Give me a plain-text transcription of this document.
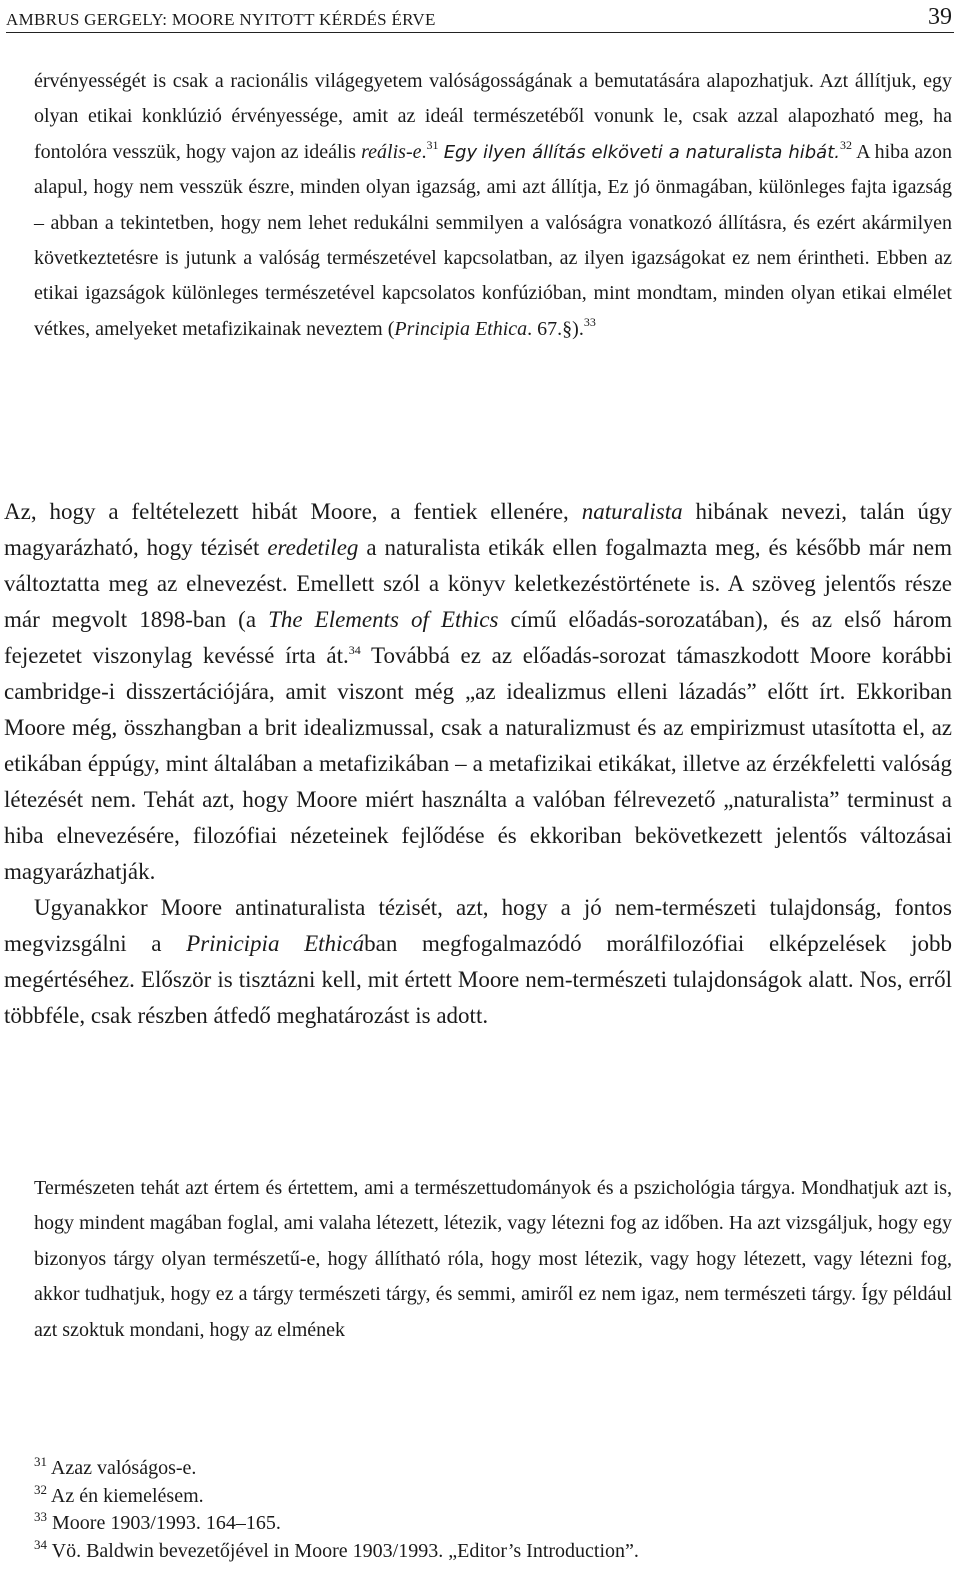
AMBRUS GERGELY: MOORE NYITOTT KÉRDÉS ÉRVE	39
érvényességét is csak a racionális világegyetem valóságosságának a bemutatására alapozhatjuk. Azt állítjuk, egy olyan etikai konklúzió érvényessége, amit az ideál természetéből vonunk le, csak azzal alapozható meg, ha fontolóra vesszük, hogy vajon az ideális reális-e.$^{31}$ Egy ilyen állítás elköveti a naturalista hibát.$^{32}$ A hiba azon alapul, hogy nem vesszük észre, minden olyan igazság, ami azt állítja, Ez jó önmagában, különleges fajta igazság – abban a tekintetben, hogy nem lehet redukálni semmilyen a valóságra vonatkozó állításra, és ezért akármilyen következtetésre is jutunk a valóság természetével kapcsolatban, az ilyen igazságokat ez nem érintheti. Ebben az etikai igazságok különleges természetével kapcsolatos konfúzióban, mint mondtam, minden olyan etikai elmélet vétkes, amelyeket metafizikainak neveztem (Principia Ethica. 67.§).$^{33}$

Az, hogy a feltételezett hibát Moore, a fentiek ellenére, naturalista hibának nevezi, talán úgy magyarázható, hogy tézisét eredetileg a naturalista etikák ellen fogalmazta meg, és később már nem változtatta meg az elnevezést. Emellett szól a könyv keletkezéstörténete is. A szöveg jelentős része már megvolt 1898-ban (a The Elements of Ethics című előadás-sorozatában), és az első három fejezetet viszonylag kevéssé írta át.$^{34}$ Továbbá ez az előadás-sorozat támaszkodott Moore korábbi cambridge-i disszertációjára, amit viszont még „az idealizmus elleni lázadás” előtt írt. Ekkoriban Moore még, összhangban a brit idealizmussal, csak a naturalizmust és az empirizmust utasította el, az etikában éppúgy, mint általában a metafizikában – a metafizikai etikákat, illetve az érzékfeletti valóság létezését nem. Tehát azt, hogy Moore miért használta a valóban félrevezető „naturalista” terminust a hiba elnevezésére, filozófiai nézeteinek fejlődése és ekkoriban bekövetkezett jelentős változásai magyarázhatják.

Ugyanakkor Moore antinaturalista tézisét, azt, hogy a jó nem-természeti tulajdonság, fontos megvizsgálni a Prinicipia Ethicában megfogalmazódó morálfilozófiai elképzelések jobb megértéséhez. Először is tisztázni kell, mit értett Moore nem-természeti tulajdonságok alatt. Nos, erről többféle, csak részben átfedő meghatározást is adott.

Természeten tehát azt értem és értettem, ami a természettudományok és a pszichológia tárgya. Mondhatjuk azt is, hogy mindent magában foglal, ami valaha létezett, létezik, vagy létezni fog az időben. Ha azt vizsgáljuk, hogy egy bizonyos tárgy olyan természetű-e, hogy állítható róla, hogy most létezik, vagy hogy létezett, vagy létezni fog, akkor tudhatjuk, hogy ez a tárgy természeti tárgy, és semmi, amiről ez nem igaz, nem természeti tárgy. Így például azt szoktuk mondani, hogy az elmének
$^{31}$ Azaz valóságos-e.
$^{32}$ Az én kiemelésem.
$^{33}$ Moore 1903/1993. 164–165.
$^{34}$ Vö. Baldwin bevezetőjével in Moore 1903/1993. „Editor’s Introduction”.
